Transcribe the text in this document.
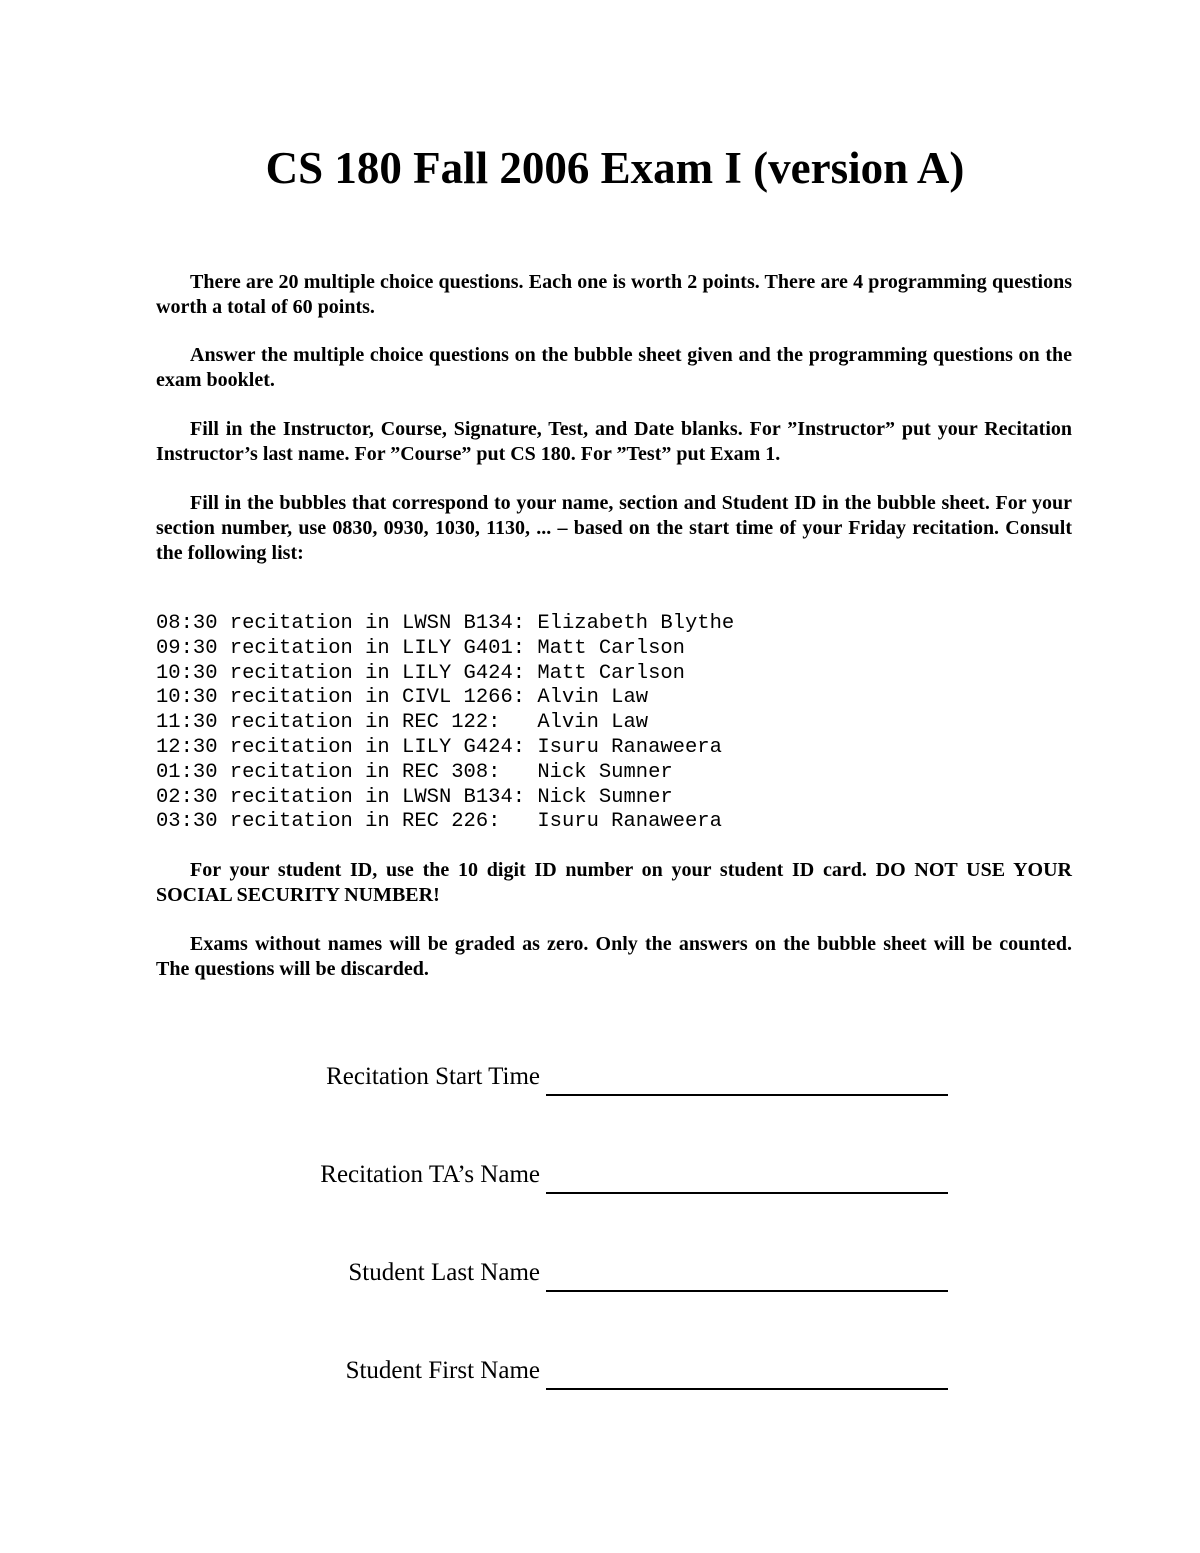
CS 180 Fall 2006 Exam I (version A)

There are 20 multiple choice questions. Each one is worth 2 points. There are 4 programming questions worth a total of 60 points.

Answer the multiple choice questions on the bubble sheet given and the programming questions on the exam booklet.

Fill in the Instructor, Course, Signature, Test, and Date blanks. For ”Instructor” put your Recitation Instructor’s last name. For ”Course” put CS 180. For ”Test” put Exam 1.

Fill in the bubbles that correspond to your name, section and Student ID in the bubble sheet. For your section number, use 0830, 0930, 1030, 1130, ... – based on the start time of your Friday recitation. Consult the following list:

08:30 recitation in LWSN B134: Elizabeth Blythe
09:30 recitation in LILY G401: Matt Carlson
10:30 recitation in LILY G424: Matt Carlson
10:30 recitation in CIVL 1266: Alvin Law
11:30 recitation in REC 122:   Alvin Law
12:30 recitation in LILY G424: Isuru Ranaweera
01:30 recitation in REC 308:   Nick Sumner
02:30 recitation in LWSN B134: Nick Sumner
03:30 recitation in REC 226:   Isuru Ranaweera

For your student ID, use the 10 digit ID number on your student ID card. DO NOT USE YOUR SOCIAL SECURITY NUMBER!

Exams without names will be graded as zero. Only the answers on the bubble sheet will be counted. The questions will be discarded.

Recitation Start Time
Recitation TA’s Name
Student Last Name
Student First Name
